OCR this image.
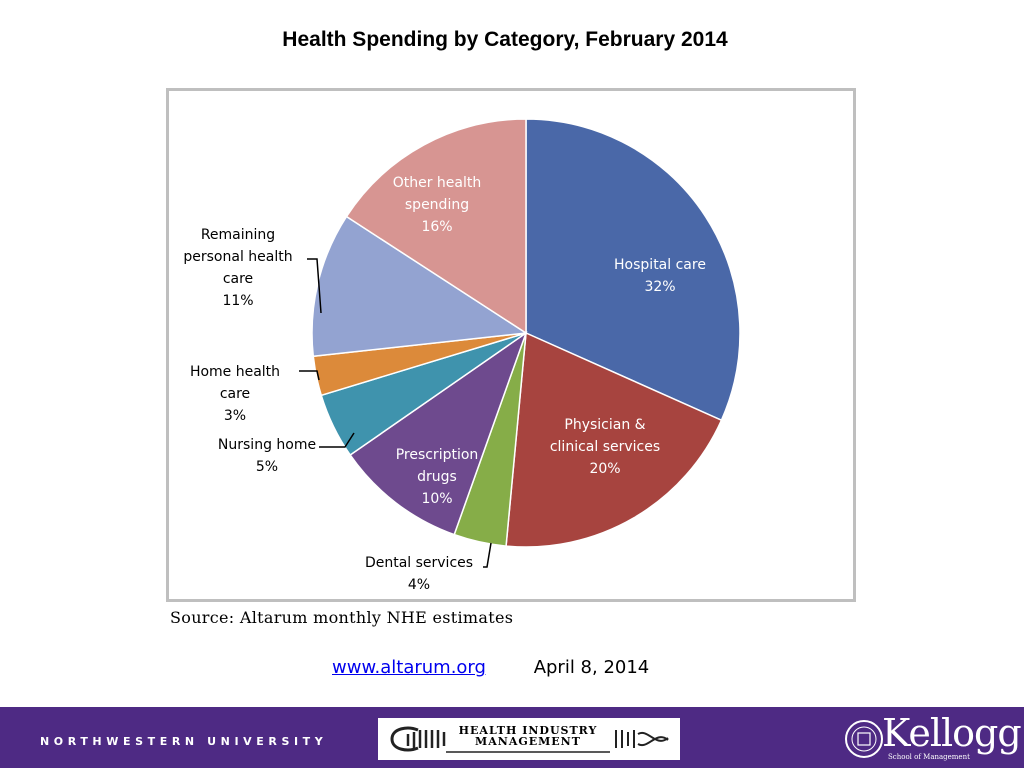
Health Spending by Category, February 2014
Hospital care 32%
Physician & clinical services 20%
Dental services 4%
Prescription drugs 10%
Nursing home 5%
Home health care 3%
Remaining personal health care 11%
Other health spending 16%
Source: Altarum monthly NHE estimates
www.altarum.org	April 8, 2014
NORTHWESTERN UNIVERSITY
HEALTH INDUSTRY
MANAGEMENT	Kellogg
School of Management
